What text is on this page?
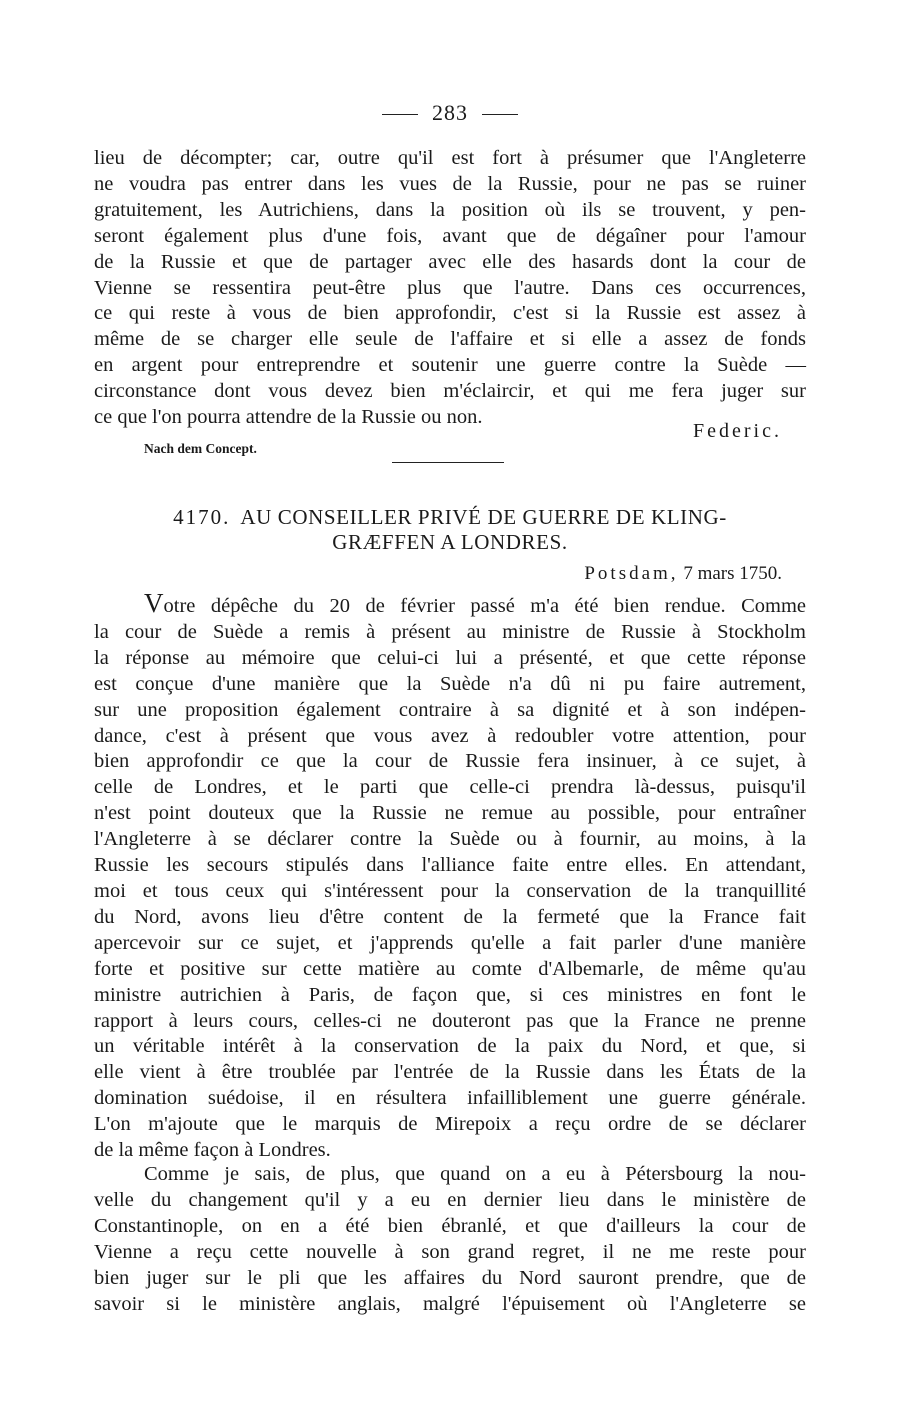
283
lieu de décompter; car, outre qu'il est fort à présumer que l'Angleterre
ne voudra pas entrer dans les vues de la Russie, pour ne pas se ruiner
gratuitement, les Autrichiens, dans la position où ils se trouvent, y pen-
seront également plus d'une fois, avant que de dégaîner pour l'amour
de la Russie et que de partager avec elle des hasards dont la cour de
Vienne se ressentira peut-être plus que l'autre. Dans ces occurrences,
ce qui reste à vous de bien approfondir, c'est si la Russie est assez à
même de se charger elle seule de l'affaire et si elle a assez de fonds
en argent pour entreprendre et soutenir une guerre contre la Suède —
circonstance dont vous devez bien m'éclaircir, et qui me fera juger sur
ce que l'on pourra attendre de la Russie ou non.
Federic.
Nach dem Concept.
4170. AU CONSEILLER PRIVÉ DE GUERRE DE KLING-
GRÆFFEN A LONDRES.
Potsdam, 7 mars 1750.
Votre dépêche du 20 de février passé m'a été bien rendue. Comme
la cour de Suède a remis à présent au ministre de Russie à Stockholm
la réponse au mémoire que celui-ci lui a présenté, et que cette réponse
est conçue d'une manière que la Suède n'a dû ni pu faire autrement,
sur une proposition également contraire à sa dignité et à son indépen-
dance, c'est à présent que vous avez à redoubler votre attention, pour
bien approfondir ce que la cour de Russie fera insinuer, à ce sujet, à
celle de Londres, et le parti que celle-ci prendra là-dessus, puisqu'il
n'est point douteux que la Russie ne remue au possible, pour entraîner
l'Angleterre à se déclarer contre la Suède ou à fournir, au moins, à la
Russie les secours stipulés dans l'alliance faite entre elles. En attendant,
moi et tous ceux qui s'intéressent pour la conservation de la tranquillité
du Nord, avons lieu d'être content de la fermeté que la France fait
apercevoir sur ce sujet, et j'apprends qu'elle a fait parler d'une manière
forte et positive sur cette matière au comte d'Albemarle, de même qu'au
ministre autrichien à Paris, de façon que, si ces ministres en font le
rapport à leurs cours, celles-ci ne douteront pas que la France ne prenne
un véritable intérêt à la conservation de la paix du Nord, et que, si
elle vient à être troublée par l'entrée de la Russie dans les États de la
domination suédoise, il en résultera infailliblement une guerre générale.
L'on m'ajoute que le marquis de Mirepoix a reçu ordre de se déclarer
de la même façon à Londres.
Comme je sais, de plus, que quand on a eu à Pétersbourg la nou-
velle du changement qu'il y a eu en dernier lieu dans le ministère de
Constantinople, on en a été bien ébranlé, et que d'ailleurs la cour de
Vienne a reçu cette nouvelle à son grand regret, il ne me reste pour
bien juger sur le pli que les affaires du Nord sauront prendre, que de
savoir si le ministère anglais, malgré l'épuisement où l'Angleterre se
